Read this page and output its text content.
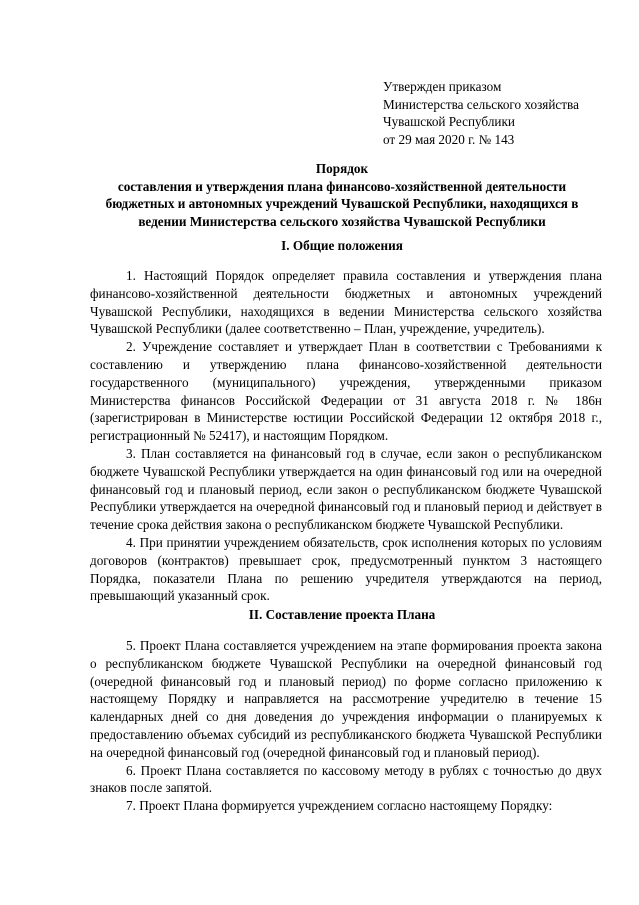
Утвержден приказом
Министерства сельского хозяйства
Чувашской Республики
от 29 мая 2020 г. № 143
Порядок
составления и утверждения плана финансово-хозяйственной деятельности
бюджетных и автономных учреждений Чувашской Республики, находящихся в
ведении Министерства сельского хозяйства Чувашской Республики
I. Общие положения

1. Настоящий Порядок определяет правила составления и утверждения плана финансово-хозяйственной деятельности бюджетных и автономных учреждений Чувашской Республики, находящихся в ведении Министерства сельского хозяйства Чувашской Республики (далее соответственно – План, учреждение, учредитель).

2. Учреждение составляет и утверждает План в соответствии с Требованиями к составлению и утверждению плана финансово-хозяйственной деятельности государственного (муниципального) учреждения, утвержденными приказом Министерства финансов Российской Федерации от 31 августа 2018 г. № 186н (зарегистрирован в Министерстве юстиции Российской Федерации 12 октября 2018 г., регистрационный № 52417), и настоящим Порядком.

3. План составляется на финансовый год в случае, если закон о республиканском бюджете Чувашской Республики утверждается на один финансовый год или на очередной финансовый год и плановый период, если закон о республиканском бюджете Чувашской Республики утверждается на очередной финансовый год и плановый период и действует в течение срока действия закона о республиканском бюджете Чувашской Республики.

4. При принятии учреждением обязательств, срок исполнения которых по условиям договоров (контрактов) превышает срок, предусмотренный пунктом 3 настоящего Порядка, показатели Плана по решению учредителя утверждаются на период, превышающий указанный срок.

II. Составление проекта Плана

5. Проект Плана составляется учреждением на этапе формирования проекта закона о республиканском бюджете Чувашской Республики на очередной финансовый год (очередной финансовый год и плановый период) по форме согласно приложению к настоящему Порядку и направляется на рассмотрение учредителю в течение 15 календарных дней со дня доведения до учреждения информации о планируемых к предоставлению объемах субсидий из республиканского бюджета Чувашской Республики на очередной финансовый год (очередной финансовый год и плановый период).

6. Проект Плана составляется по кассовому методу в рублях с точностью до двух знаков после запятой.

7. Проект Плана формируется учреждением согласно настоящему Порядку:
